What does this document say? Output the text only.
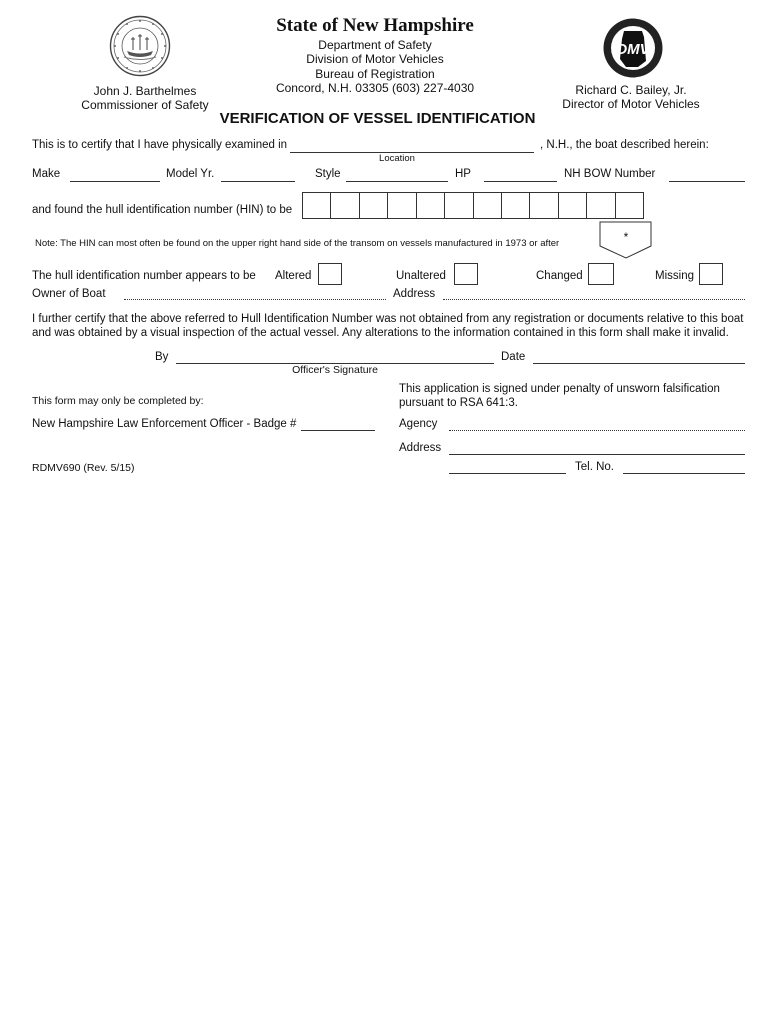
State of New Hampshire
Department of Safety
Division of Motor Vehicles
Bureau of Registration
Concord, N.H. 03305 (603) 227-4030
DMV
John J. Barthelmes
Commissioner of Safety
Richard C. Bailey, Jr.
Director of Motor Vehicles
VERIFICATION OF VESSEL IDENTIFICATION
This is to certify that I have physically examined in	, N.H., the boat described herein:
Location
Make	Model Yr.	Style	HP	NH BOW Number
and found the hull identification number (HIN) to be
Note: The HIN can most often be found on the upper right hand side of the transom on vessels manufactured in 1973 or after	*
The hull identification number appears to be Altered	Unaltered	Changed	Missing
Owner of Boat	Address
I further certify that the above referred to Hull Identification Number was not obtained from any registration or documents relative to this boat
and was obtained by a visual inspection of the actual vessel. Any alterations to the information contained in this form shall make it invalid.
By	Date
Officer's Signature
This form may only be completed by:
This application is signed under penalty of unsworn falsification
pursuant to RSA 641:3.
New Hampshire Law Enforcement Officer - Badge #	Agency
Address
RDMV690 (Rev. 5/15)	Tel. No.
